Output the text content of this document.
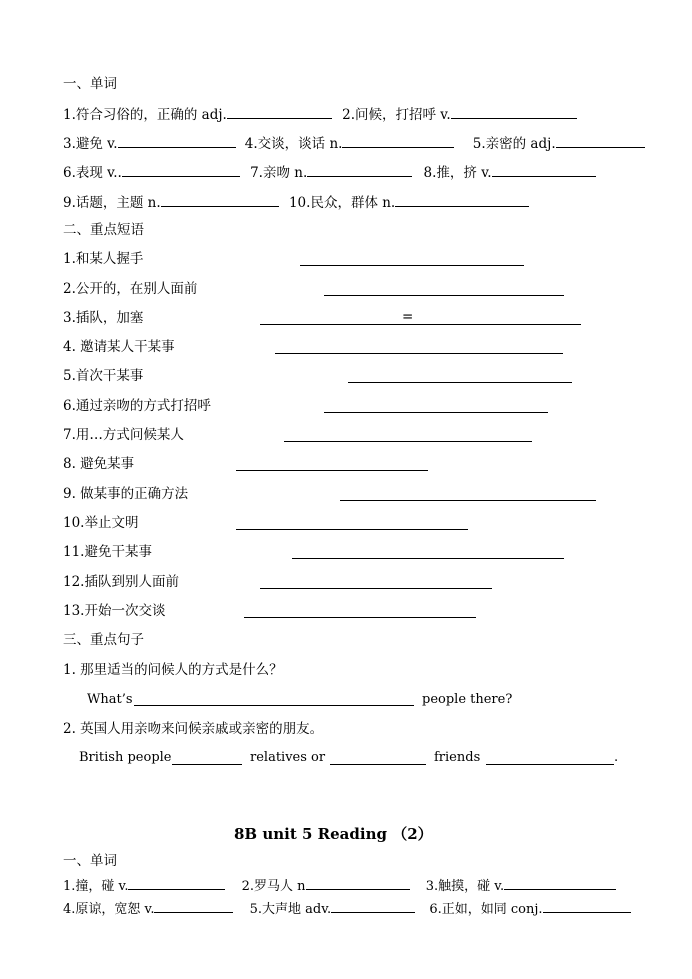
一、单词
1.符合习俗的，正确的 adj.	2.问候，打招呼 v.
3.避免 v.	4.交谈，谈话 n.	5.亲密的 adj.
6.表现 v..	7.亲吻 n.	8.推，挤 v.
9.话题，主题 n.	10.民众，群体 n.
二、重点短语
1.和某人握手
2.公开的，在别人面前
3.插队，加塞	=
4. 邀请某人干某事
5.首次干某事
6.通过亲吻的方式打招呼
7.用…方式问候某人
8. 避免某事
9. 做某事的正确方法
10.举止文明
11.避免干某事
12.插队到别人面前
13.开始一次交谈
三、重点句子
1. 那里适当的问候人的方式是什么？
What’s	people there?
2. 英国人用亲吻来问候亲戚或亲密的朋友。
British people	relatives or	friends	.
8B unit 5 Reading （2）
一、单词
1.撞，碰 v.	2.罗马人 n	3.触摸，碰 v.
4.原谅，宽恕 v.	5.大声地 adv.	6.正如，如同 conj.
